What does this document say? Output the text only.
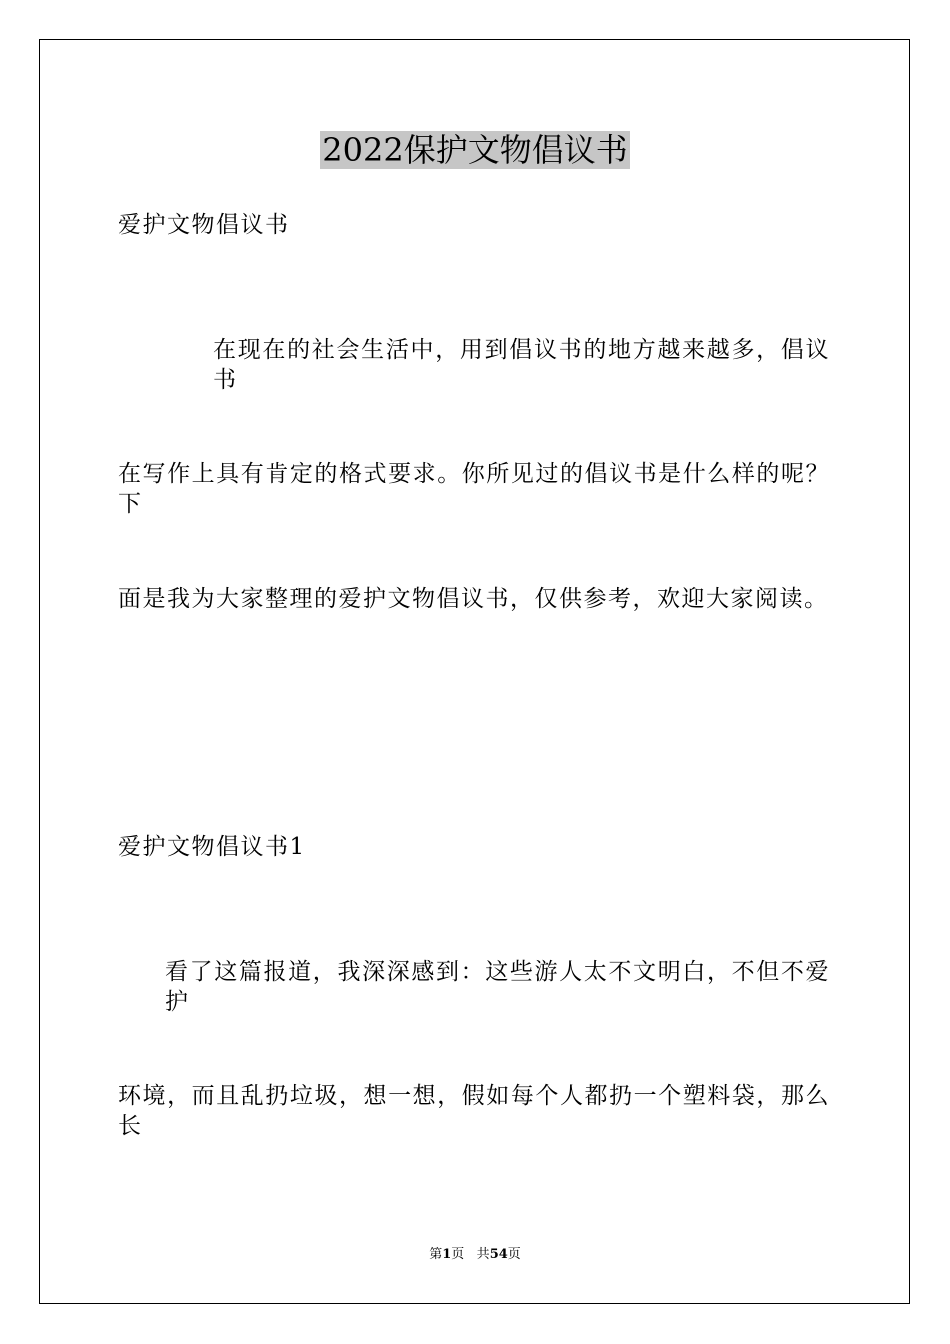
2022保护文物倡议书
爱护文物倡议书
在现在的社会生活中，用到倡议书的地方越来越多，倡议书
在写作上具有肯定的格式要求。你所见过的倡议书是什么样的呢？下
面是我为大家整理的爱护文物倡议书，仅供参考，欢迎大家阅读。
爱护文物倡议书1
看了这篇报道，我深深感到：这些游人太不文明白，不但不爱护
环境，而且乱扔垃圾，想一想，假如每个人都扔一个塑料袋，那么长
第1页 共54页
